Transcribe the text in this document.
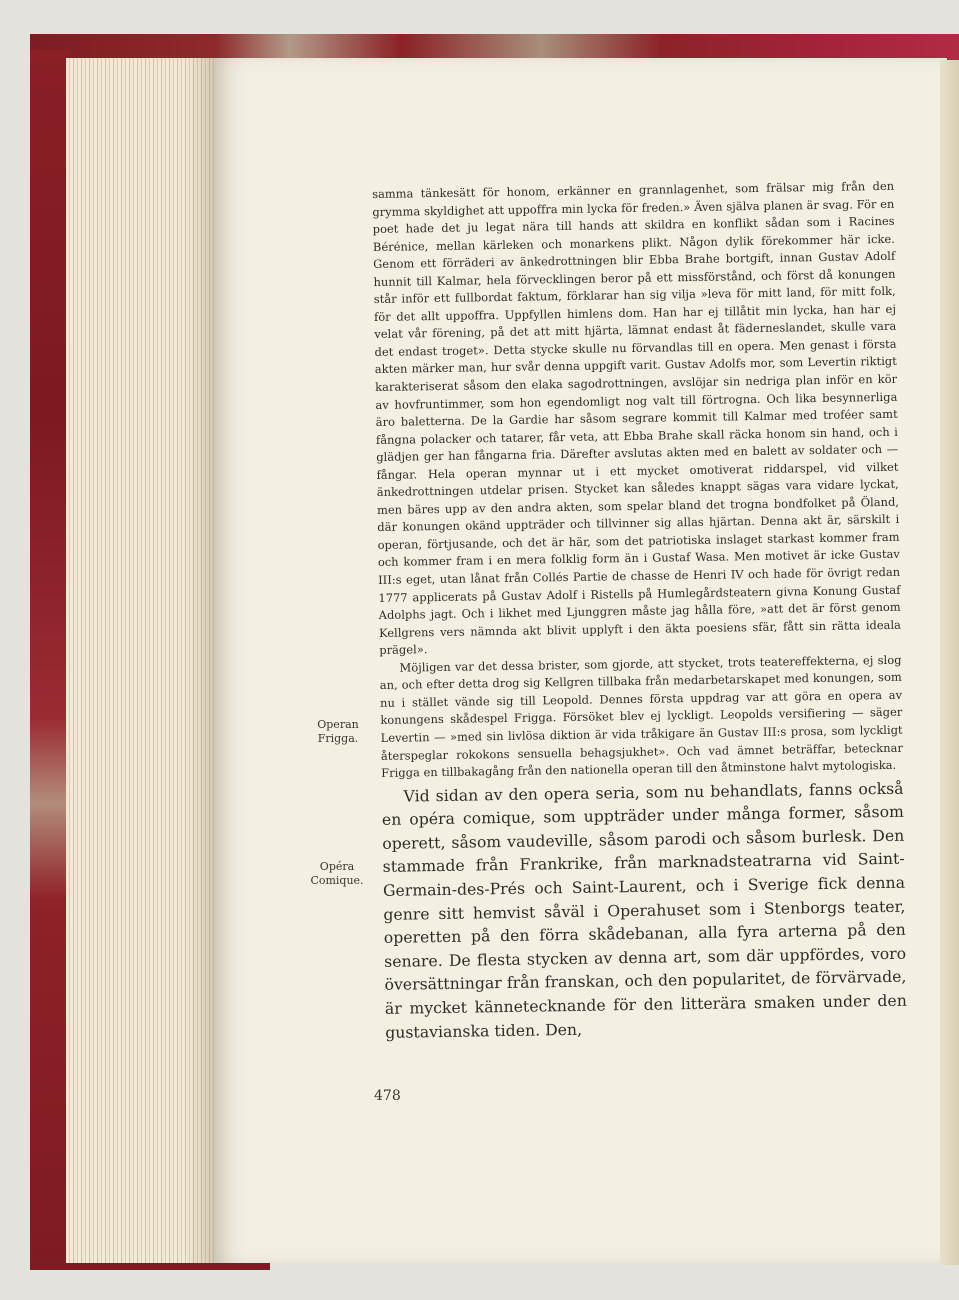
Operan
Frigga.
Opéra
Comique.

samma tänkesätt för honom, erkänner en grannlagenhet, som frälsar mig från den grymma skyldighet att uppoffra min lycka för freden.» Även själva planen är svag. För en poet hade det ju legat nära till hands att skildra en konflikt sådan som i Racines Bérénice, mellan kärleken och monarkens plikt. Någon dylik förekommer här icke. Genom ett förräderi av änkedrottningen blir Ebba Brahe bortgift, innan Gustav Adolf hunnit till Kalmar, hela förvecklingen beror på ett missförstånd, och först då konungen står inför ett fullbordat faktum, förklarar han sig vilja »leva för mitt land, för mitt folk, för det allt uppoffra. Uppfyllen himlens dom. Han har ej tillåtit min lycka, han har ej velat vår förening, på det att mitt hjärta, lämnat endast åt fäderneslandet, skulle vara det endast troget». Detta stycke skulle nu förvandlas till en opera. Men genast i första akten märker man, hur svår denna uppgift varit. Gustav Adolfs mor, som Levertin riktigt karakteriserat såsom den elaka sagodrottningen, avslöjar sin nedriga plan inför en kör av hovfruntimmer, som hon egendomligt nog valt till förtrogna. Och lika besynnerliga äro baletterna. De la Gardie har såsom segrare kommit till Kalmar med troféer samt fångna polacker och tatarer, får veta, att Ebba Brahe skall räcka honom sin hand, och i glädjen ger han fångarna fria. Därefter avslutas akten med en balett av soldater och — fångar. Hela operan mynnar ut i ett mycket omotiverat riddarspel, vid vilket änkedrottningen utdelar prisen. Stycket kan således knappt sägas vara vidare lyckat, men bäres upp av den andra akten, som spelar bland det trogna bondfolket på Öland, där konungen okänd uppträder och tillvinner sig allas hjärtan. Denna akt är, särskilt i operan, förtjusande, och det är här, som det patriotiska inslaget starkast kommer fram och kommer fram i en mera folklig form än i Gustaf Wasa. Men motivet är icke Gustav III:s eget, utan lånat från Collés Partie de chasse de Henri IV och hade för övrigt redan 1777 applicerats på Gustav Adolf i Ristells på Humlegårdsteatern givna Konung Gustaf Adolphs jagt. Och i likhet med Ljunggren måste jag hålla före, »att det är först genom Kellgrens vers nämnda akt blivit upplyft i den äkta poesiens sfär, fått sin rätta ideala prägel».

Möjligen var det dessa brister, som gjorde, att stycket, trots teatereffekterna, ej slog an, och efter detta drog sig Kellgren tillbaka från medarbetarskapet med konungen, som nu i stället vände sig till Leopold. Dennes första uppdrag var att göra en opera av konungens skådespel Frigga. Försöket blev ej lyckligt. Leopolds versifiering — säger Levertin — »med sin livlösa diktion är vida tråkigare än Gustav III:s prosa, som lyckligt återspeglar rokokons sensuella behagsjukhet». Och vad ämnet beträffar, betecknar Frigga en tillbakagång från den nationella operan till den åtminstone halvt mytologiska.

Vid sidan av den opera seria, som nu behandlats, fanns också en opéra comique, som uppträder under många former, såsom operett, såsom vaudeville, såsom parodi och såsom burlesk. Den stammade från Frankrike, från marknadsteatrarna vid Saint-Germain-des-Prés och Saint-Laurent, och i Sverige fick denna genre sitt hemvist såväl i Operahuset som i Stenborgs teater, operetten på den förra skådebanan, alla fyra arterna på den senare. De flesta stycken av denna art, som där uppfördes, voro översättningar från franskan, och den popularitet, de förvärvade, är mycket kännetecknande för den litterära smaken under den gustavianska tiden. Den,

478
